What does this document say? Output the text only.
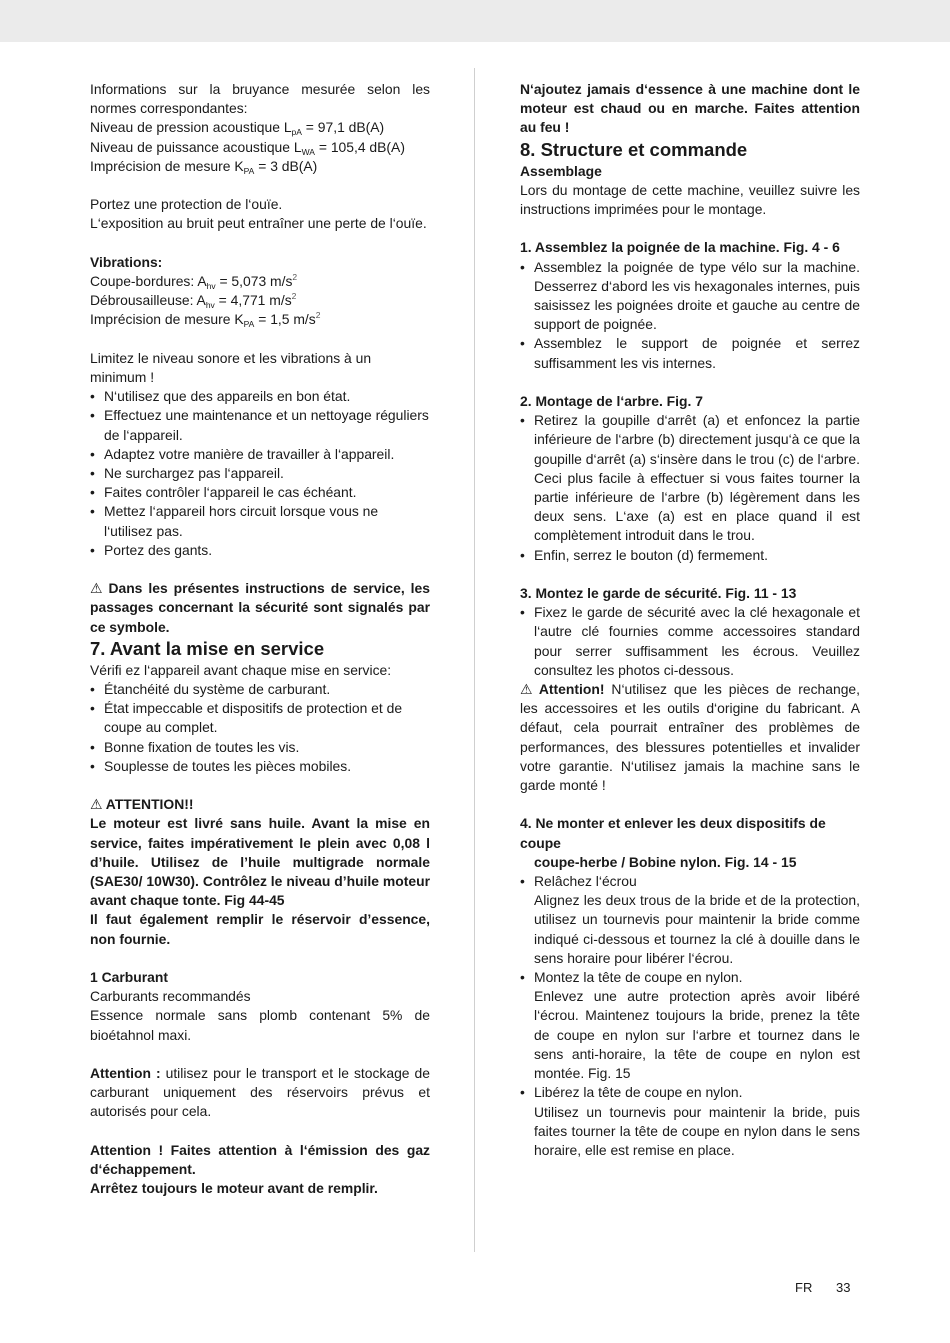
Informations sur la bruyance mesurée selon les normes correspondantes:

Niveau de pression acoustique $L_{pA} = 97,1$ dB(A)

Niveau de puissance acoustique $L_{WA} = 105,4$ dB(A)

Imprécision de mesure $K_{PA} = 3$ dB(A)

Portez une protection de l‘ouïe.

L‘exposition au bruit peut entraîner une perte de l‘ouïe.

Vibrations:

Coupe-bordures: $A_{hv} = 5,073$ $m/s^2$

Débrousailleuse: $A_{hv} = 4,771$ $m/s^2$

Imprécision de mesure $K_{PA} = 1,5$ $m/s^2$

Limitez le niveau sonore et les vibrations à un minimum !

• N‘utilisez que des appareils en bon état.
• Effectuez une maintenance et un nettoyage réguliers de l‘appareil.
• Adaptez votre manière de travailler à l‘appareil.
• Ne surchargez pas l‘appareil.
• Faites contrôler l‘appareil le cas échéant.
• Mettez l‘appareil hors circuit lorsque vous ne l‘utilisez pas.
• Portez des gants.

⚠ Dans les présentes instructions de service, les passages concernant la sécurité sont signalés par ce symbole.

7. Avant la mise en service

Vérifi ez l‘appareil avant chaque mise en service:

• Étanchéité du système de carburant.
• État impeccable et dispositifs de protection et de coupe au complet.
• Bonne fixation de toutes les vis.
• Souplesse de toutes les pièces mobiles.

⚠ ATTENTION!!

Le moteur est livré sans huile. Avant la mise en service, faites impérativement le plein avec 0,08 l d’huile. Utilisez de l’huile multigrade normale (SAE30/ 10W30). Contrôlez le niveau d’huile moteur avant chaque tonte. Fig 44-45

Il faut également remplir le réservoir d’essence, non fournie.

1 Carburant

Carburants recommandés

Essence normale sans plomb contenant 5% de bioétahnol maxi.

Attention : utilisez pour le transport et le stockage de carburant uniquement des réservoirs prévus et autorisés pour cela.

Attention ! Faites attention à l‘émission des gaz d‘échappement.

Arrêtez toujours le moteur avant de remplir.

N‘ajoutez jamais d‘essence à une machine dont le moteur est chaud ou en marche. Faites attention au feu !

8. Structure et commande

Assemblage

Lors du montage de cette machine, veuillez suivre les instructions imprimées pour le montage.

1. Assemblez la poignée de la machine. Fig. 4 - 6

• Assemblez la poignée de type vélo sur la machine. Desserrez d‘abord les vis hexagonales internes, puis saisissez les poignées droite et gauche au centre de support de poignée.
• Assemblez le support de poignée et serrez suffisamment les vis internes.

2. Montage de l‘arbre. Fig. 7

• Retirez la goupille d‘arrêt (a) et enfoncez la partie inférieure de l‘arbre (b) directement jusqu‘à ce que la goupille d‘arrêt (a) s‘insère dans le trou (c) de l‘arbre. Ceci plus facile à effectuer si vous faites tourner la partie inférieure de l‘arbre (b) légèrement dans les deux sens. L‘axe (a) est en place quand il est complètement introduit dans le trou.
• Enfin, serrez le bouton (d) fermement.

3. Montez le garde de sécurité. Fig. 11 - 13

• Fixez le garde de sécurité avec la clé hexagonale et l‘autre clé fournies comme accessoires standard pour serrer suffisamment les écrous. Veuillez consultez les photos ci-dessous.

⚠ Attention! N‘utilisez que les pièces de rechange, les accessoires et les outils d‘origine du fabricant. A défaut, cela pourrait entraîner des problèmes de performances, des blessures potentielles et invalider votre garantie. N‘utilisez jamais la machine sans le garde monté !

4. Ne monter et enlever les deux dispositifs de coupe

coupe-herbe / Bobine nylon. Fig. 14 - 15

• Relâchez l‘écrou
Alignez les deux trous de la bride et de la protection, utilisez un tournevis pour maintenir la bride comme indiqué ci-dessous et tournez la clé à douille dans le sens horaire pour libérer l‘écrou.
• Montez la tête de coupe en nylon.
Enlevez une autre protection après avoir libéré l‘écrou. Maintenez toujours la bride, prenez la tête de coupe en nylon sur l‘arbre et tournez dans le sens anti-horaire, la tête de coupe en nylon est montée. Fig. 15
• Libérez la tête de coupe en nylon.
Utilisez un tournevis pour maintenir la bride, puis faites tourner la tête de coupe en nylon dans le sens horaire, elle est remise en place.
FR 33
